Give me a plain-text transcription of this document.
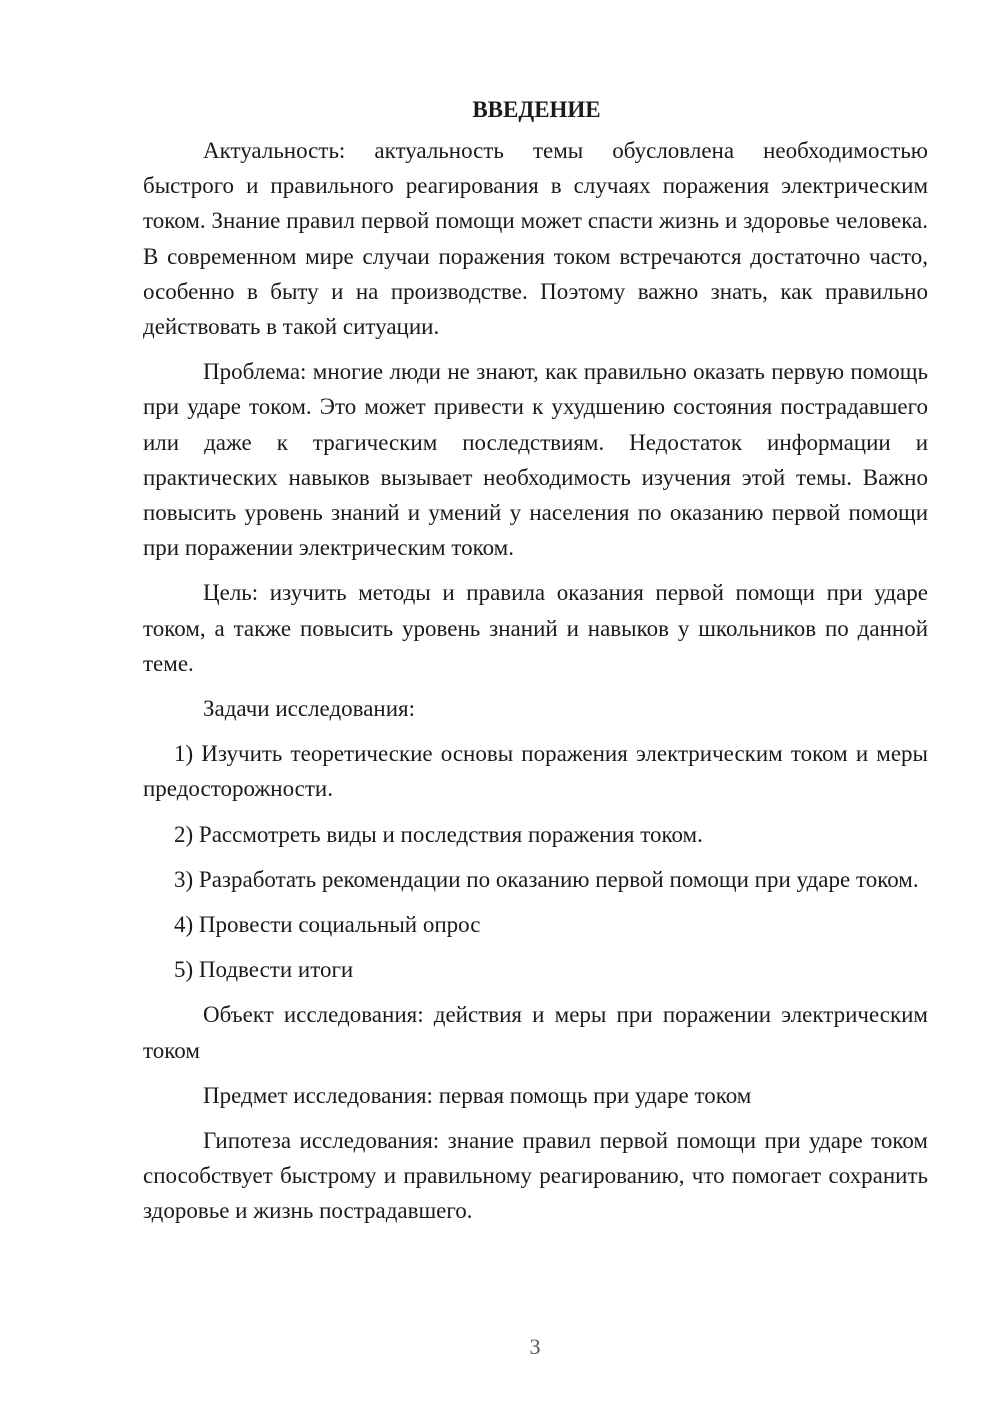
ВВЕДЕНИЕ

Актуальность: актуальность темы обусловлена необходимостью быстрого и правильного реагирования в случаях поражения электрическим током. Знание правил первой помощи может спасти жизнь и здоровье человека. В современном мире случаи поражения током встречаются достаточно часто, особенно в быту и на производстве. Поэтому важно знать, как правильно действовать в такой ситуации.

Проблема: многие люди не знают, как правильно оказать первую помощь при ударе током. Это может привести к ухудшению состояния пострадавшего или даже к трагическим последствиям. Недостаток информации и практических навыков вызывает необходимость изучения этой темы. Важно повысить уровень знаний и умений у населения по оказанию первой помощи при поражении электрическим током.

Цель: изучить методы и правила оказания первой помощи при ударе током, а также повысить уровень знаний и навыков у школьников по данной теме.

Задачи исследования:

1) Изучить теоретические основы поражения электрическим током и меры предосторожности.

2) Рассмотреть виды и последствия поражения током.

3) Разработать рекомендации по оказанию первой помощи при ударе током.

4) Провести социальный опрос

5) Подвести итоги

Объект исследования: действия и меры при поражении электрическим током

Предмет исследования: первая помощь при ударе током

Гипотеза исследования: знание правил первой помощи при ударе током способствует быстрому и правильному реагированию, что помогает сохранить здоровье и жизнь пострадавшего.

3
